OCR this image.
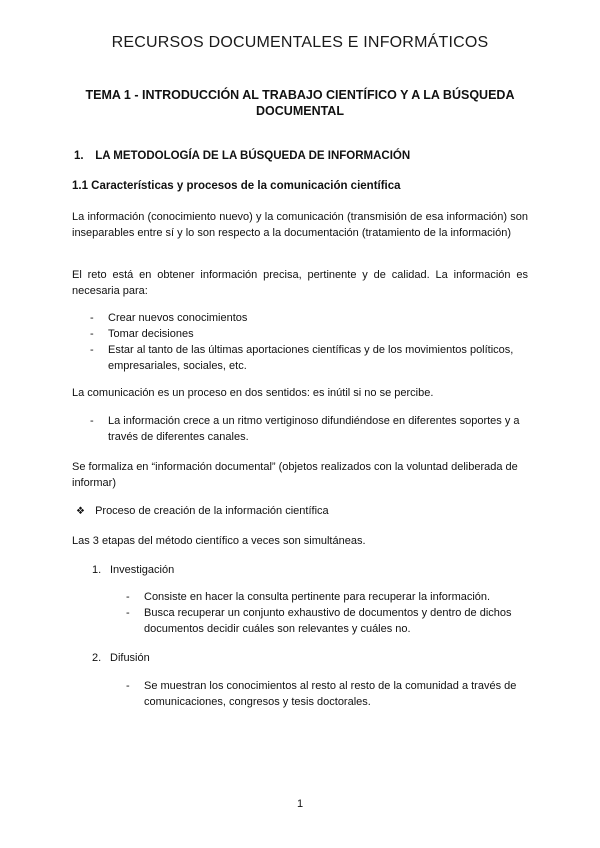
RECURSOS DOCUMENTALES E INFORMÁTICOS
TEMA 1 - INTRODUCCIÓN AL TRABAJO CIENTÍFICO Y A LA BÚSQUEDA DOCUMENTAL
1. LA METODOLOGÍA DE LA BÚSQUEDA DE INFORMACIÓN
1.1 Características y procesos de la comunicación científica
La información (conocimiento nuevo) y la comunicación (transmisión de esa información) son inseparables entre sí y lo son respecto a la documentación (tratamiento de la información)
El reto está en obtener información precisa, pertinente y de calidad. La información es necesaria para:
- Crear nuevos conocimientos
- Tomar decisiones
- Estar al tanto de las últimas aportaciones científicas y de los movimientos políticos, empresariales, sociales, etc.
La comunicación es un proceso en dos sentidos: es inútil si no se percibe.
- La información crece a un ritmo vertiginoso difundiéndose en diferentes soportes y a través de diferentes canales.
Se formaliza en “información documental” (objetos realizados con la voluntad deliberada de informar)
❖ Proceso de creación de la información científica
Las 3 etapas del método científico a veces son simultáneas.
1. Investigación
- Consiste en hacer la consulta pertinente para recuperar la información.
- Busca recuperar un conjunto exhaustivo de documentos y dentro de dichos documentos decidir cuáles son relevantes y cuáles no.
2. Difusión
- Se muestran los conocimientos al resto al resto de la comunidad a través de comunicaciones, congresos y tesis doctorales.
1
